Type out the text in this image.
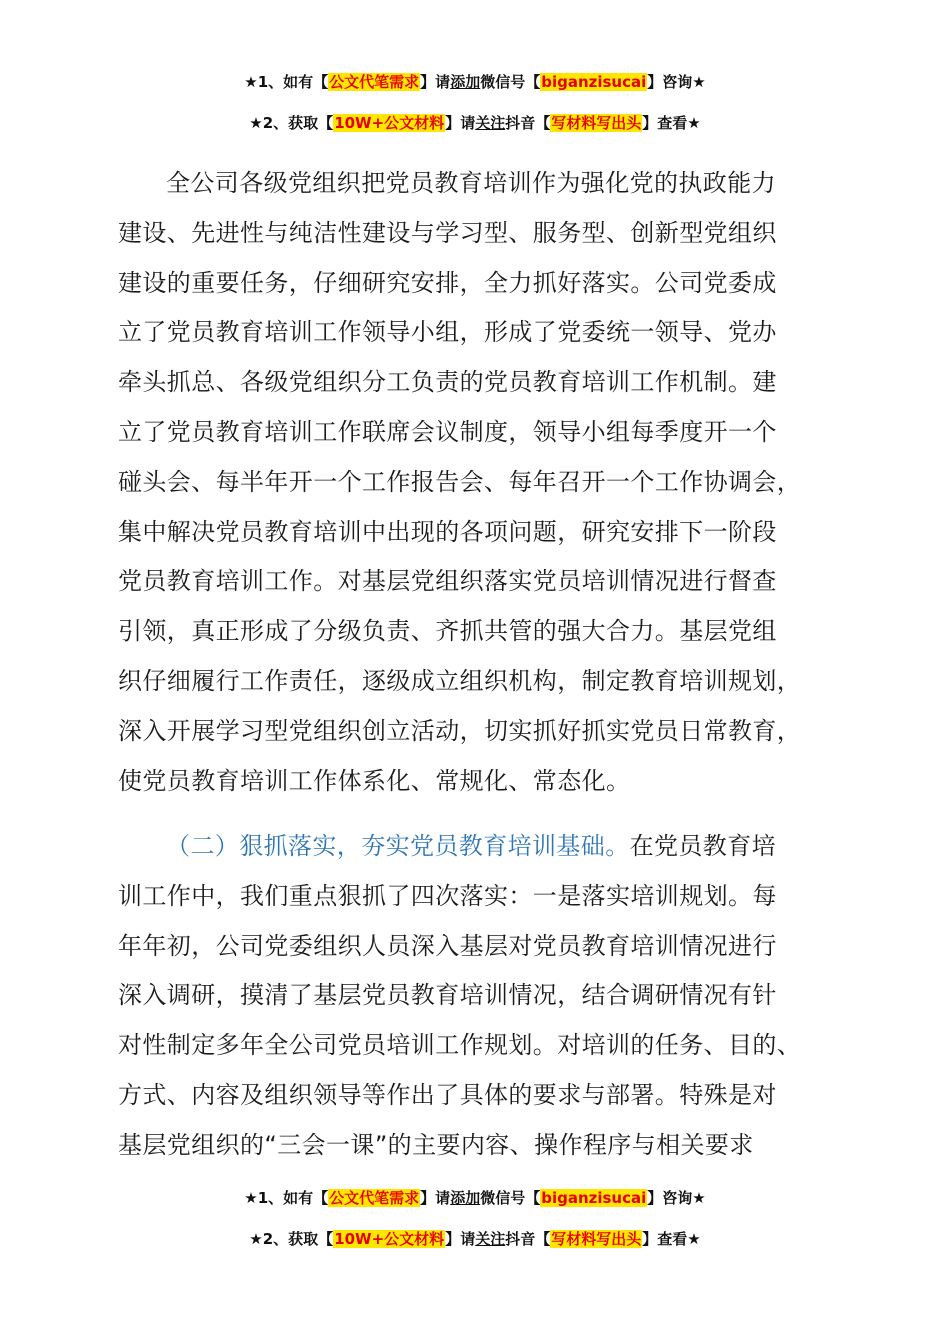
★1、如有【公文代笔需求】请添加微信号【biganzisucai】咨询★
★2、获取【10W+公文材料】请关注抖音【写材料写出头】查看★

全公司各级党组织把党员教育培训作为强化党的执政能力

建设、先进性与纯洁性建设与学习型、服务型、创新型党组织

建设的重要任务，仔细研究安排，全力抓好落实。公司党委成

立了党员教育培训工作领导小组，形成了党委统一领导、党办

牵头抓总、各级党组织分工负责的党员教育培训工作机制。建

立了党员教育培训工作联席会议制度，领导小组每季度开一个

碰头会、每半年开一个工作报告会、每年召开一个工作协调会，

集中解决党员教育培训中出现的各项问题，研究安排下一阶段

党员教育培训工作。对基层党组织落实党员培训情况进行督查

引领，真正形成了分级负责、齐抓共管的强大合力。基层党组

织仔细履行工作责任，逐级成立组织机构，制定教育培训规划，

深入开展学习型党组织创立活动，切实抓好抓实党员日常教育，

使党员教育培训工作体系化、常规化、常态化。

（二）狠抓落实，夯实党员教育培训基础。在党员教育培

训工作中，我们重点狠抓了四次落实：一是落实培训规划。每

年年初，公司党委组织人员深入基层对党员教育培训情况进行

深入调研，摸清了基层党员教育培训情况，结合调研情况有针

对性制定多年全公司党员培训工作规划。对培训的任务、目的、

方式、内容及组织领导等作出了具体的要求与部署。特殊是对

基层党组织的“三会一课”的主要内容、操作程序与相关要求

★1、如有【公文代笔需求】请添加微信号【biganzisucai】咨询★
★2、获取【10W+公文材料】请关注抖音【写材料写出头】查看★
